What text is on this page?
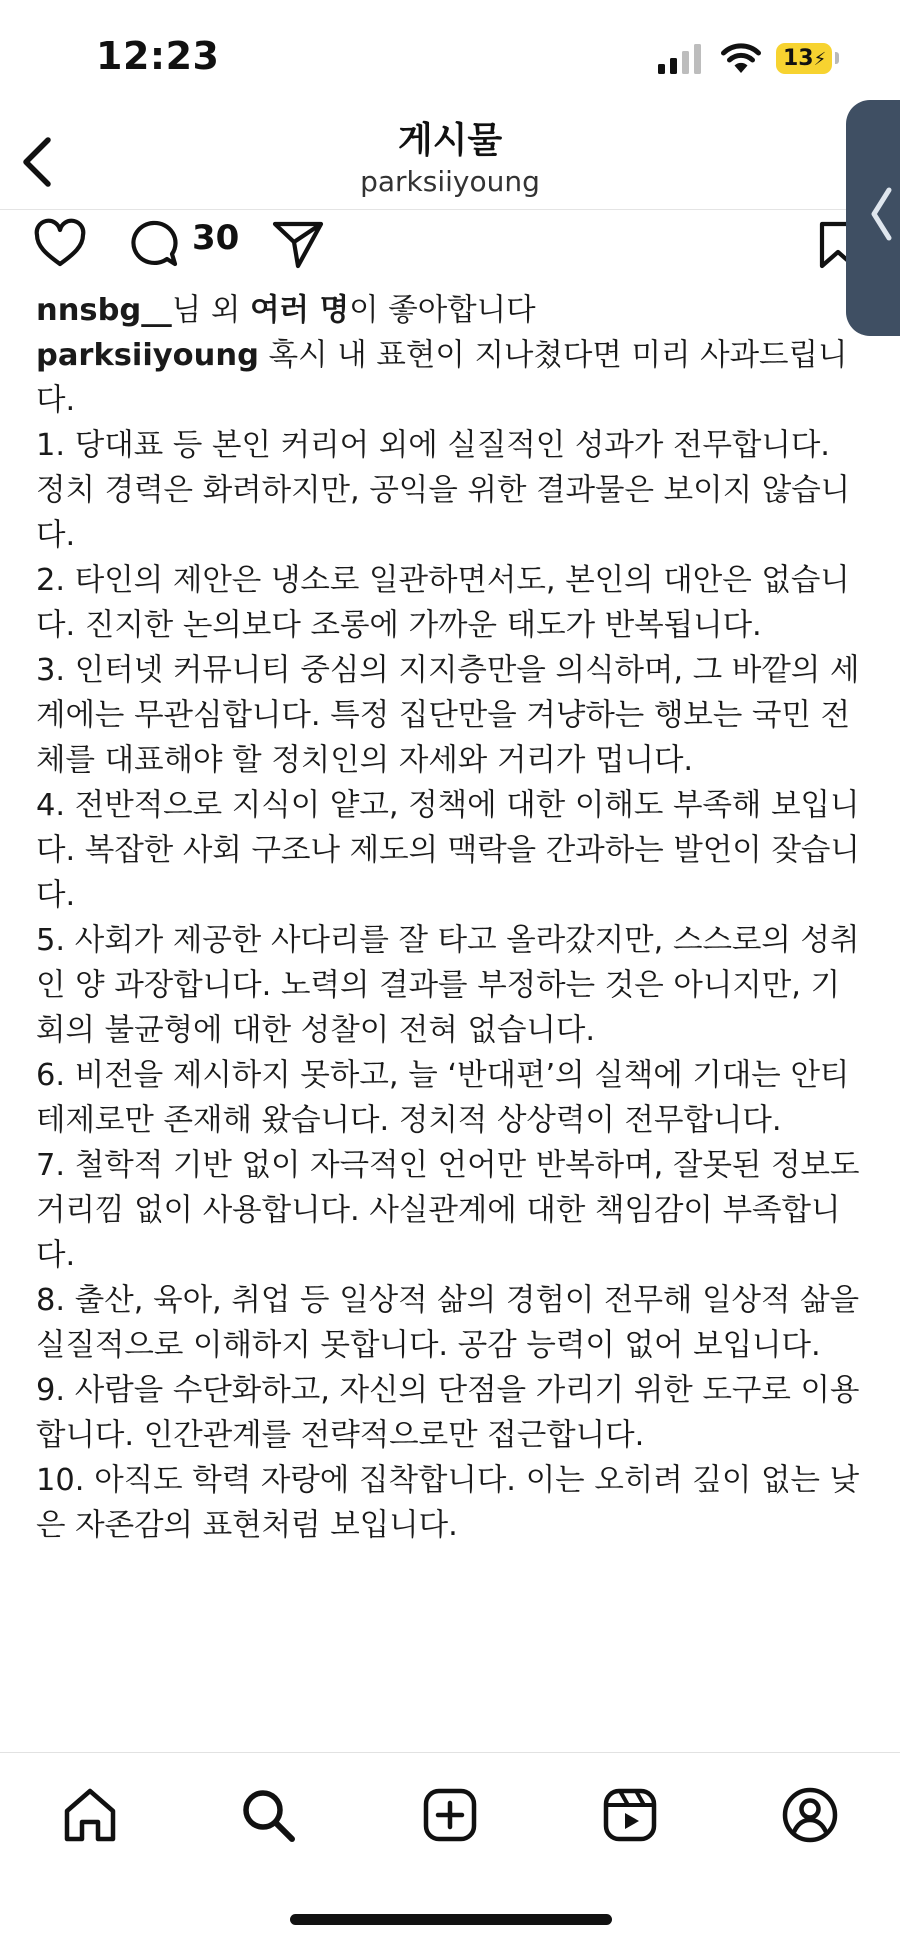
12:23	13⚡
게시물
parksiiyoung
30

nnsbg__님 외 여러 명이 좋아합니다

parksiiyoung 혹시 내 표현이 지나쳤다면 미리 사과드립니다.

1. 당대표 등 본인 커리어 외에 실질적인 성과가 전무합니다. 정치 경력은 화려하지만, 공익을 위한 결과물은 보이지 않습니다.
2. 타인의 제안은 냉소로 일관하면서도, 본인의 대안은 없습니다. 진지한 논의보다 조롱에 가까운 태도가 반복됩니다.
3. 인터넷 커뮤니티 중심의 지지층만을 의식하며, 그 바깥의 세계에는 무관심합니다. 특정 집단만을 겨냥하는 행보는 국민 전체를 대표해야 할 정치인의 자세와 거리가 멉니다.
4. 전반적으로 지식이 얕고, 정책에 대한 이해도 부족해 보입니다. 복잡한 사회 구조나 제도의 맥락을 간과하는 발언이 잦습니다.
5. 사회가 제공한 사다리를 잘 타고 올라갔지만, 스스로의 성취인 양 과장합니다. 노력의 결과를 부정하는 것은 아니지만, 기회의 불균형에 대한 성찰이 전혀 없습니다.
6. 비전을 제시하지 못하고, 늘 ‘반대편’의 실책에 기대는 안티테제로만 존재해 왔습니다. 정치적 상상력이 전무합니다.
7. 철학적 기반 없이 자극적인 언어만 반복하며, 잘못된 정보도 거리낌 없이 사용합니다. 사실관계에 대한 책임감이 부족합니다.
8. 출산, 육아, 취업 등 일상적 삶의 경험이 전무해 일상적 삶을 실질적으로 이해하지 못합니다. 공감 능력이 없어 보입니다.
9. 사람을 수단화하고, 자신의 단점을 가리기 위한 도구로 이용합니다. 인간관계를 전략적으로만 접근합니다.
10. 아직도 학력 자랑에 집착합니다. 이는 오히려 깊이 없는 낮은 자존감의 표현처럼 보입니다.
